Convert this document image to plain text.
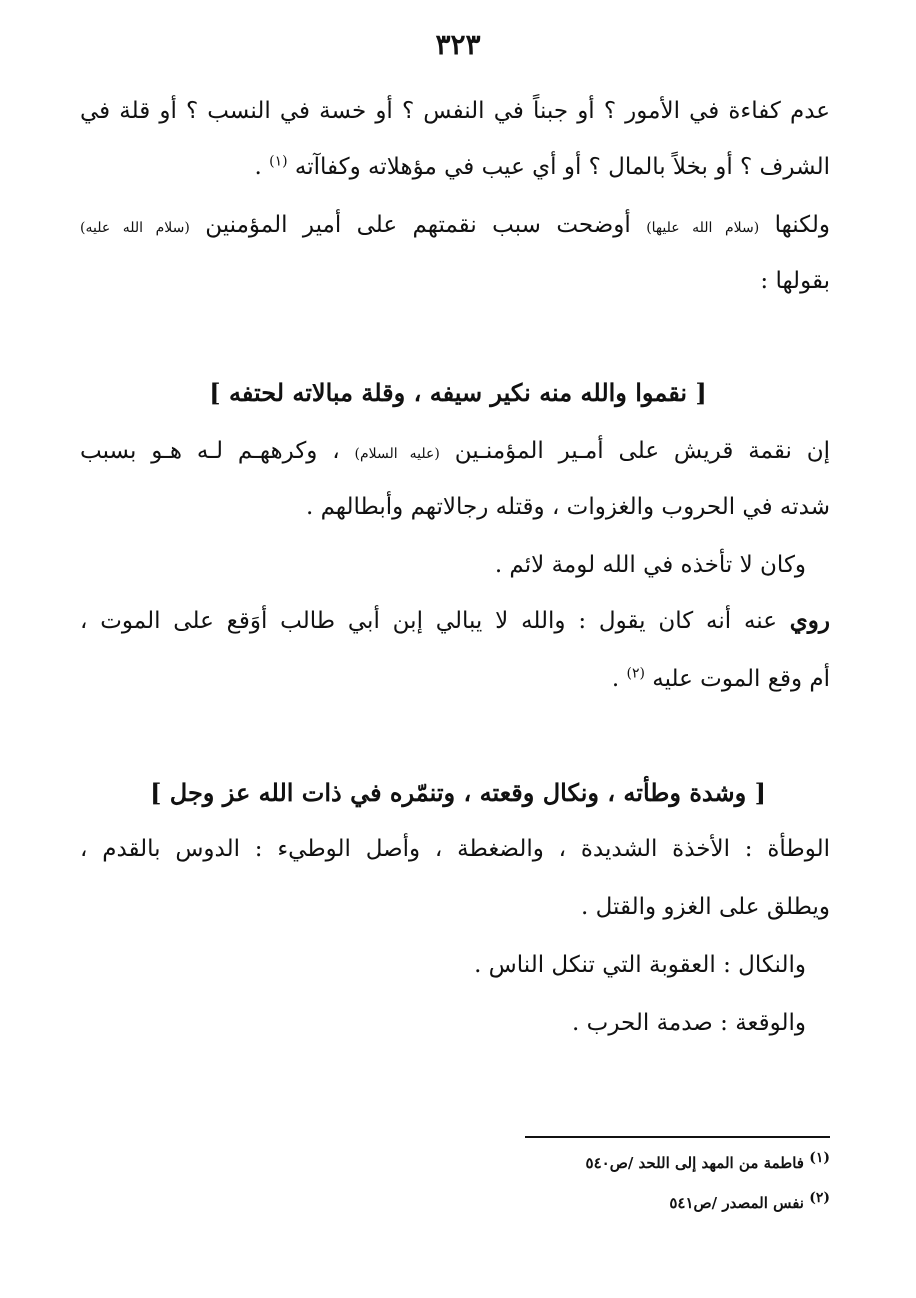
٣٢٣
عدم كفاءة في الأمور ؟ أو جبناً في النفس ؟ أو خسة في النسب ؟ أو قلة في
الشرف ؟ أو بخلاً بالمال ؟ أو أي عيب في مؤهلاته وكفاآته $^{(١)}$ .
ولكنها (سلام الله عليها) أوضحت سبب نقمتهم على أمير المؤمنين (سلام الله عليه)
بقولها :
[ نقموا والله منه نكير سيفه ، وقلة مبالاته لحتفه ]
إن نقمة قريش على أمـير المؤمنـين (عليه السلام) ، وكرههـم لـه هـو بسبب
شدته في الحروب والغزوات ، وقتله رجالاتهم وأبطالهم .
وكان لا تأخذه في الله لومة لائم .
روي عنه أنه كان يقول : والله لا يبالي إبن أبي طالب أوَقع على الموت ،
أم وقع الموت عليه $^{(٢)}$ .
[ وشدة وطأته ، ونكال وقعته ، وتنمّره في ذات الله عز وجل ]
الوطأة : الأخذة الشديدة ، والضغطة ، وأصل الوطيء : الدوس بالقدم ،
ويطلق على الغزو والقتل .
والنكال : العقوبة التي تنكل الناس .
والوقعة : صدمة الحرب .
(١) فاطمة من المهد إلى اللحد /ص٥٤٠
(٢) نفس المصدر /ص٥٤١
